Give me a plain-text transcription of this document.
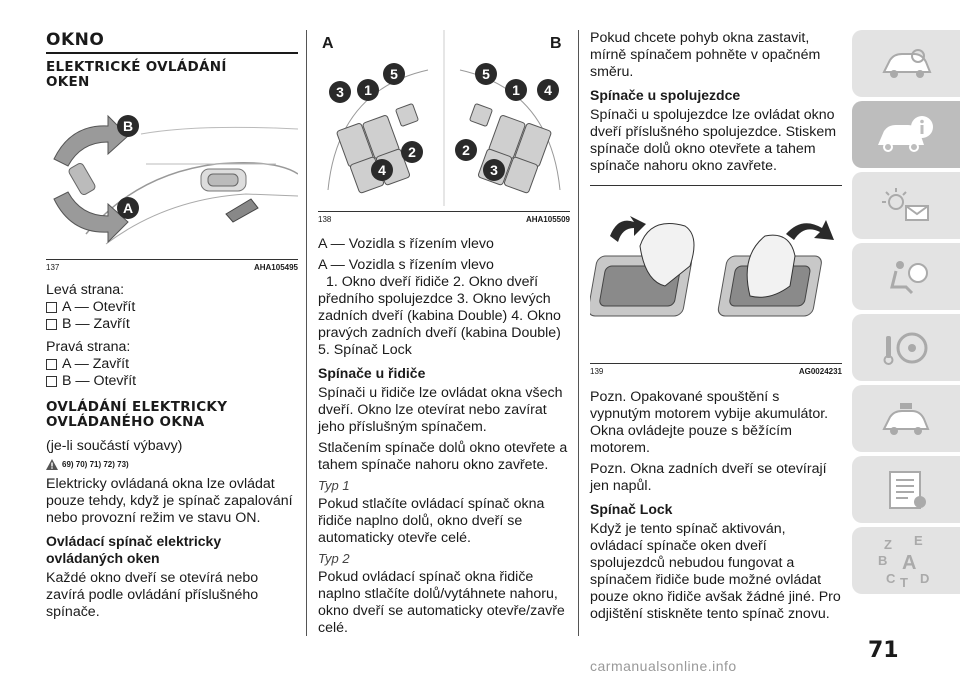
OKNO
ELEKTRICKÉ OVLÁDÁNÍ OKEN
B
A
137	AHA105495

Levá strana:

A — Otevřít
B — Zavřít

Pravá strana:

A — Zavřít
B — Otevřít
OVLÁDÁNÍ ELEKTRICKY OVLÁDANÉHO OKNA

(je-li součástí výbavy)

69) 70) 71) 72) 73)

Elektricky ovládaná okna lze ovládat pouze tehdy, když je spínač zapalování nebo provozní režim ve stavu ON.

Ovládací spínač elektricky ovládaných oken

Každé okno dveří se otevírá nebo zavírá podle ovládání příslušného spínače.

A	B
3 1
5
4
2
5
1 4
2
3
138	AHA105509

A — Vozidla s řízením vlevo

A — Vozidla s řízením vlevo

1. Okno dveří řidiče 2. Okno dveří předního spolujezdce 3. Okno levých zadních dveří (kabina Double) 4. Okno pravých zadních dveří (kabina Double) 5. Spínač Lock

Spínače u řidiče

Spínači u řidiče lze ovládat okna všech dveří. Okno lze otevírat nebo zavírat jeho příslušným spínačem.

Stlačením spínače dolů okno otevřete a tahem spínače nahoru okno zavřete.

Typ 1

Pokud stlačíte ovládací spínač okna řidiče naplno dolů, okno dveří se automaticky otevře celé.

Typ 2

Pokud ovládací spínač okna řidiče naplno stlačíte dolů/vytáhnete nahoru, okno dveří se automaticky otevře/zavře celé.

Pokud chcete pohyb okna zastavit, mírně spínačem pohněte v opačném směru.

Spínače u spolujezdce

Spínači u spolujezdce lze ovládat okno dveří příslušného spolujezdce. Stiskem spínače dolů okno otevřete a tahem spínače nahoru okno zavřete.

139	AG0024231

Pozn. Opakované spouštění s vypnutým motorem vybije akumulátor. Okna ovládejte pouze s běžícím motorem.

Pozn. Okna zadních dveří se otevírají jen napůl.

Spínač Lock

Když je tento spínač aktivován, ovládací spínače oken dveří spolujezdců nebudou fungovat a spínačem řidiče bude možné ovládat pouze okno řidiče avšak žádné jiné. Pro odjištění stiskněte tento spínač znovu.

Z E
B A
C T D
71
carmanualsonline.info
